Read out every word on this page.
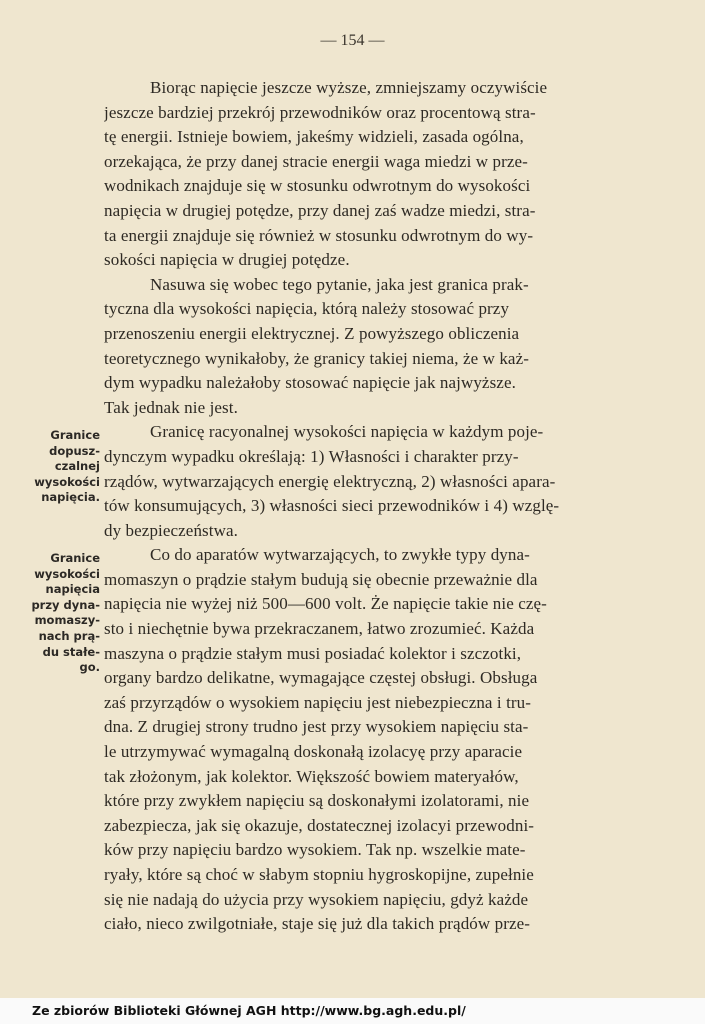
— 154 —
Biorąc napięcie jeszcze wyższe, zmniejszamy oczywiście
jeszcze bardziej przekrój przewodników oraz procentową stra-
tę energii. Istnieje bowiem, jakeśmy widzieli, zasada ogólna,
orzekająca, że przy danej stracie energii waga miedzi w prze-
wodnikach znajduje się w stosunku odwrotnym do wysokości
napięcia w drugiej potędze, przy danej zaś wadze miedzi, stra-
ta energii znajduje się również w stosunku odwrotnym do wy-
sokości napięcia w drugiej potędze.
Nasuwa się wobec tego pytanie, jaka jest granica prak-
tyczna dla wysokości napięcia, którą należy stosować przy
przenoszeniu energii elektrycznej. Z powyższego obliczenia
teoretycznego wynikałoby, że granicy takiej niema, że w każ-
dym wypadku należałoby stosować napięcie jak najwyższe.
Tak jednak nie jest.
Granicę racyonalnej wysokości napięcia w każdym poje-
dynczym wypadku określają: 1) Własności i charakter przy-
rządów, wytwarzających energię elektryczną, 2) własności apara-
tów konsumujących, 3) własności sieci przewodników i 4) wzglę-
dy bezpieczeństwa.
Co do aparatów wytwarzających, to zwykłe typy dyna-
momaszyn o prądzie stałym budują się obecnie przeważnie dla
napięcia nie wyżej niż 500—600 volt. Że napięcie takie nie czę-
sto i niechętnie bywa przekraczanem, łatwo zrozumieć. Każda
maszyna o prądzie stałym musi posiadać kolektor i szczotki,
organy bardzo delikatne, wymagające częstej obsługi. Obsługa
zaś przyrządów o wysokiem napięciu jest niebezpieczna i tru-
dna. Z drugiej strony trudno jest przy wysokiem napięciu sta-
le utrzymywać wymagalną doskonałą izolacyę przy aparacie
tak złożonym, jak kolektor. Większość bowiem materyałów,
które przy zwykłem napięciu są doskonałymi izolatorami, nie
zabezpiecza, jak się okazuje, dostatecznej izolacyi przewodni-
ków przy napięciu bardzo wysokiem. Tak np. wszelkie mate-
ryały, które są choć w słabym stopniu hygroskopijne, zupełnie
się nie nadają do użycia przy wysokiem napięciu, gdyż każde
ciało, nieco zwilgotniałe, staje się już dla takich prądów prze-
Granice
dopusz-
czalnej
wysokości
napięcia.
Granice
wysokości
napięcia
przy dyna-
momaszy-
nach prą-
du stałe-
go.
Ze zbiorów Biblioteki Głównej AGH http://www.bg.agh.edu.pl/
